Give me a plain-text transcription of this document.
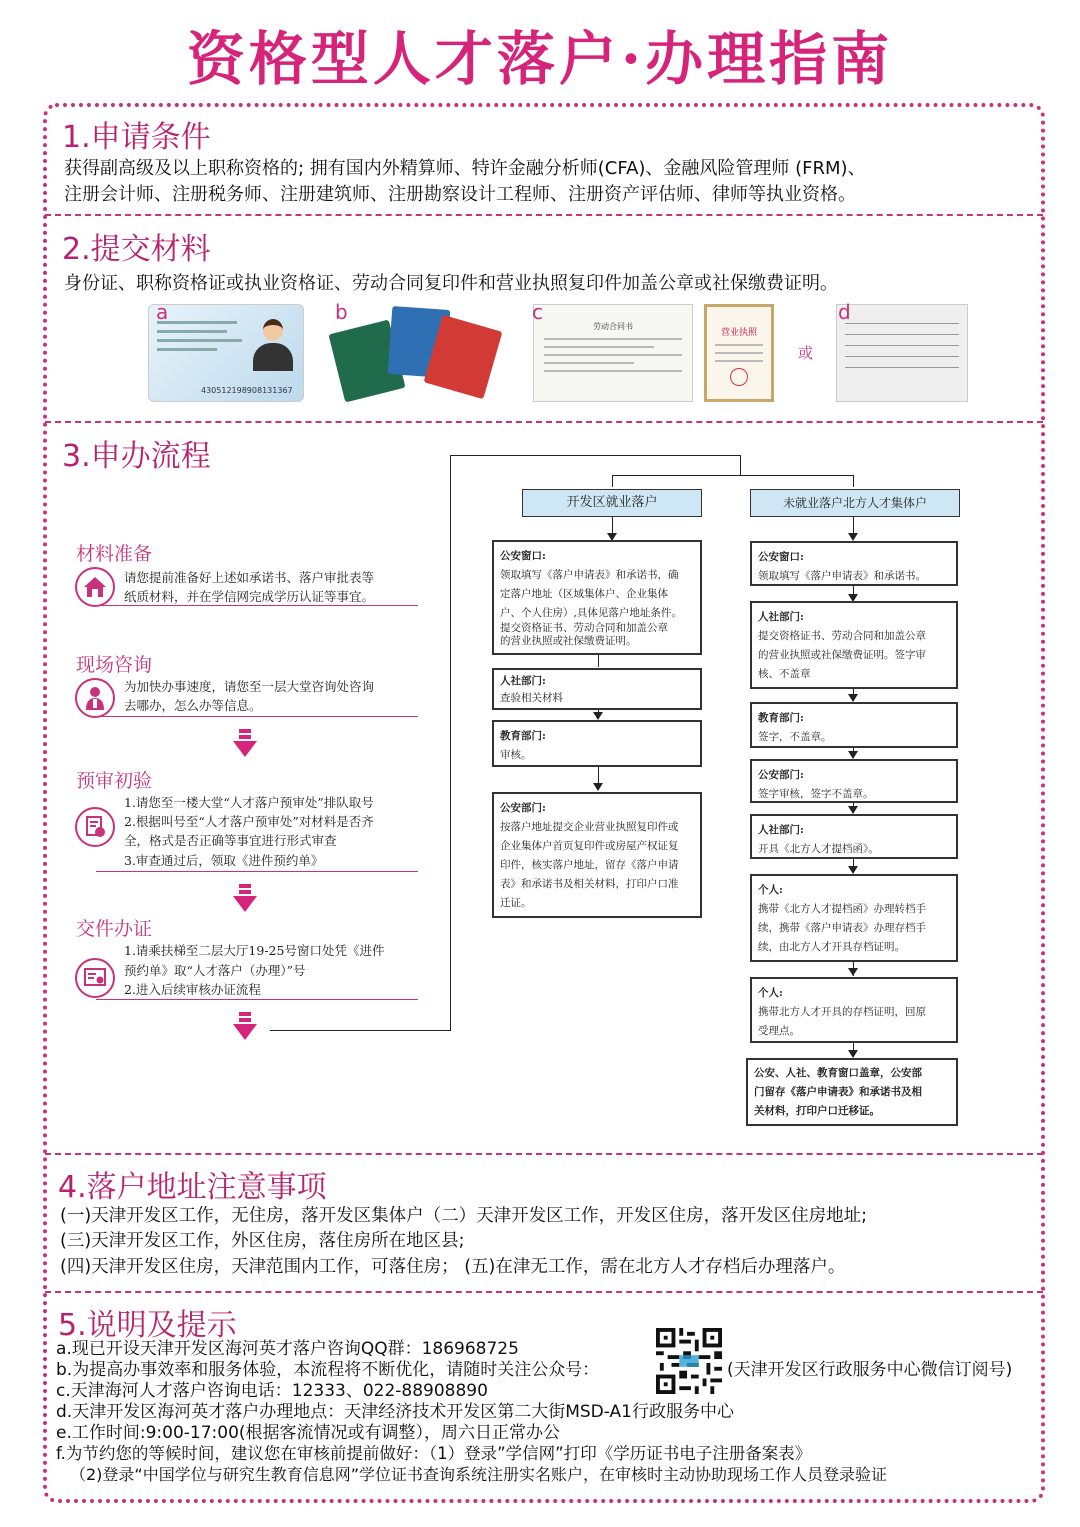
资格型人才落户·办理指南
1.申请条件
获得副高级及以上职称资格的; 拥有国内外精算师、特许金融分析师(CFA)、金融风险管理师 (FRM)、
注册会计师、注册税务师、注册建筑师、注册勘察设计工程师、注册资产评估师、律师等执业资格。
2.提交材料
身份证、职称资格证或执业资格证、劳动合同复印件和营业执照复印件加盖公章或社保缴费证明。
430512198908131367
a	b
劳动合同书
c
营业执照
或
d
3.申办流程
材料准备
请您提前准备好上述如承诺书、落户审批表等
纸质材料，并在学信网完成学历认证等事宜。
现场咨询
为加快办事速度，请您至一层大堂咨询处咨询
去哪办，怎么办等信息。
预审初验
1.请您至一楼大堂“人才落户预审处”排队取号
2.根据叫号至“人才落户预审处”对材料是否齐
全，格式是否正确等事宜进行形式审查
3.审查通过后，领取《进件预约单》
交件办证
1.请乘扶梯至二层大厅19-25号窗口处凭《进件
预约单》取“人才落户（办理）”号
2.进入后续审核办证流程
开发区就业落户
公安窗口:
领取填写《落户申请表》和承诺书，确
定落户地址（区域集体户、企业集体
户、个人住房）,具体见落户地址条件。
提交资格证书、劳动合同和加盖公章
的营业执照或社保缴费证明。
人社部门:
查验相关材料
教育部门:
审核。
公安部门:
按落户地址提交企业营业执照复印件或
企业集体户首页复印件或房屋产权证复
印件，核实落户地址，留存《落户申请
表》和承诺书及相关材料，打印户口准
迁证。
未就业落户北方人才集体户
公安窗口:
领取填写《落户申请表》和承诺书。
人社部门:
提交资格证书、劳动合同和加盖公章
的营业执照或社保缴费证明。签字审
核、不盖章
教育部门:
签字，不盖章。
公安部门:
签字审核，签字不盖章。
人社部门:
开具《北方人才提档函》。
个人:
携带《北方人才提档函》办理转档手
续，携带《落户申请表》办理存档手
续，由北方人才开具存档证明。
个人:
携带北方人才开具的存档证明，回原
受理点。
公安、人社、教育窗口盖章，公安部
门留存《落户申请表》和承诺书及相
关材料，打印户口迁移证。
4.落户地址注意事项
(一)天津开发区工作，无住房，落开发区集体户（二）天津开发区工作，开发区住房，落开发区住房地址;
(三)天津开发区工作，外区住房，落住房所在地区县;
(四)天津开发区住房，天津范围内工作，可落住房； (五)在津无工作，需在北方人才存档后办理落户。
5.说明及提示
a.现已开设天津开发区海河英才落户咨询QQ群：186968725
b.为提高办事效率和服务体验，本流程将不断优化，请随时关注公众号：
c.天津海河人才落户咨询电话：12333、022-88908890
d.天津开发区海河英才落户办理地点：天津经济技术开发区第二大街MSD-A1行政服务中心
e.工作时间:9:00-17:00(根据客流情况或有调整），周六日正常办公
f.为节约您的等候时间，建议您在审核前提前做好：（1）登录”学信网”打印《学历证书电子注册备案表》
（2)登录“中国学位与研究生教育信息网”学位证书查询系统注册实名账户，在审核时主动协助现场工作人员登录验证
(天津开发区行政服务中心微信订阅号)
